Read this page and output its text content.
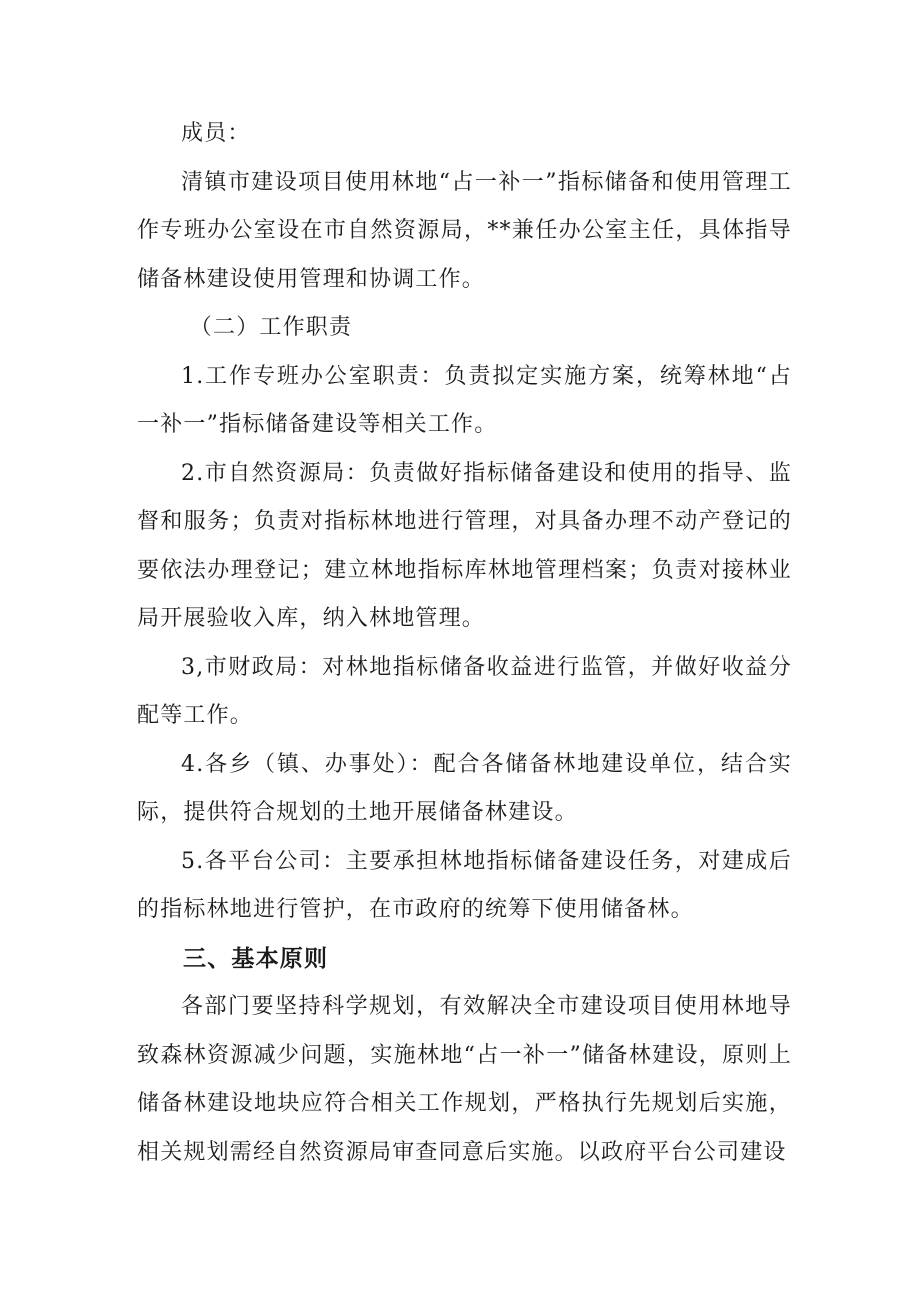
成员：

清镇市建设项目使用林地“占一补一”指标储备和使用管理工作专班办公室设在市自然资源局，**兼任办公室主任，具体指导储备林建设使用管理和协调工作。

（二）工作职责

1.工作专班办公室职责：负责拟定实施方案，统筹林地“占一补一”指标储备建设等相关工作。

2.市自然资源局：负责做好指标储备建设和使用的指导、监督和服务；负责对指标林地进行管理，对具备办理不动产登记的要依法办理登记；建立林地指标库林地管理档案；负责对接林业局开展验收入库，纳入林地管理。

3,市财政局：对林地指标储备收益进行监管，并做好收益分配等工作。

4.各乡（镇、办事处）：配合各储备林地建设单位，结合实际，提供符合规划的土地开展储备林建设。

5.各平台公司：主要承担林地指标储备建设任务，对建成后的指标林地进行管护，在市政府的统筹下使用储备林。

三、基本原则

各部门要坚持科学规划，有效解决全市建设项目使用林地导致森林资源减少问题，实施林地“占一补一”储备林建设，原则上储备林建设地块应符合相关工作规划，严格执行先规划后实施，相关规划需经自然资源局审查同意后实施。以政府平台公司建设
